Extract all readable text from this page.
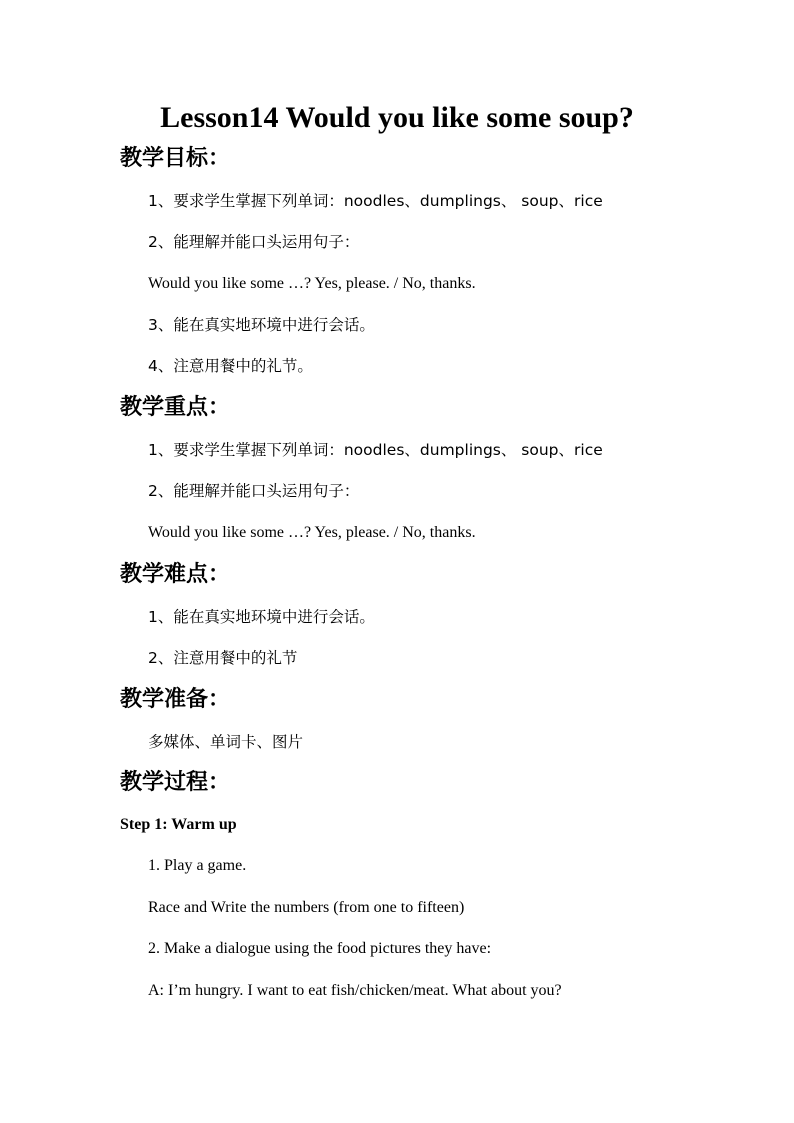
Lesson14 Would you like some soup?
教学目标：
1、要求学生掌握下列单词：noodles、dumplings、 soup、rice
2、能理解并能口头运用句子：
Would you like some …? Yes, please. / No, thanks.
3、能在真实地环境中进行会话。
4、注意用餐中的礼节。
教学重点：
1、要求学生掌握下列单词：noodles、dumplings、 soup、rice
2、能理解并能口头运用句子：
Would you like some …? Yes, please. / No, thanks.
教学难点：
1、能在真实地环境中进行会话。
2、注意用餐中的礼节
教学准备：
多媒体、单词卡、图片
教学过程：
Step 1: Warm up
1. Play a game.
Race and Write the numbers (from one to fifteen)
2. Make a dialogue using the food pictures they have:
A: I’m hungry. I want to eat fish/chicken/meat. What about you?
